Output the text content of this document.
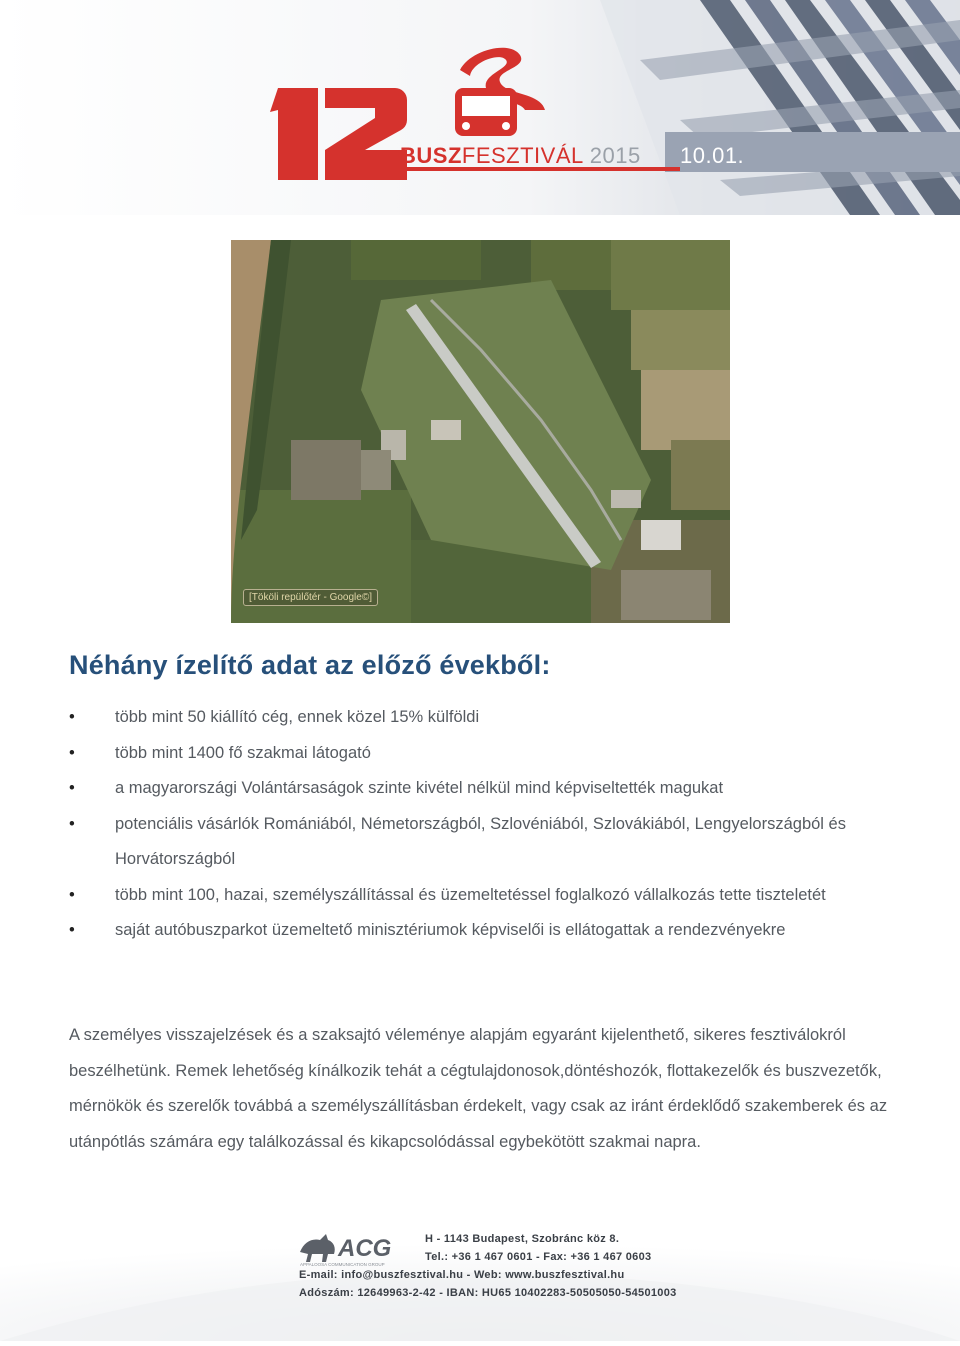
BUSZFESZTIVÁL 2015 10.01.
[Tököli repülőtér - Google©]
Néhány ízelítő adat az előző évekből:
• több mint 50 kiállító cég, ennek közel 15% külföldi
• több mint 1400 fő szakmai látogató
• a magyarországi Volántársaságok szinte kivétel nélkül mind képviseltették magukat
• potenciális vásárlók Romániából, Németországból, Szlovéniából, Szlovákiából, Lengyelországból és Horvátországból
• több mint 100, hazai, személyszállítással és üzemeltetéssel foglalkozó vállalkozás tette tiszteletét
• saját autóbuszparkot üzemeltető minisztériumok képviselői is ellátogattak a rendezvényekre

A személyes visszajelzések és a szaksajtó véleménye alapjám egyaránt kijelenthető, sikeres fesztiválokról beszélhetünk. Remek lehetőség kínálkozik tehát a cégtulajdonosok,döntéshozók, flottakezelők és buszvezetők, mérnökök és szerelők továbbá a személyszállításban érdekelt, vagy csak az iránt érdeklődő szakemberek és az utánpótlás számára egy találkozással és kikapcsolódással egybekötött szakmai napra.

ACG
APPALOOSA COMMUNICATION GROUP
H - 1143 Budapest, Szobránc köz 8.
Tel.: +36 1 467 0601 - Fax: +36 1 467 0603
E-mail: info@buszfesztival.hu - Web: www.buszfesztival.hu
Adószám: 12649963-2-42 - IBAN: HU65 10402283-50505050-54501003
